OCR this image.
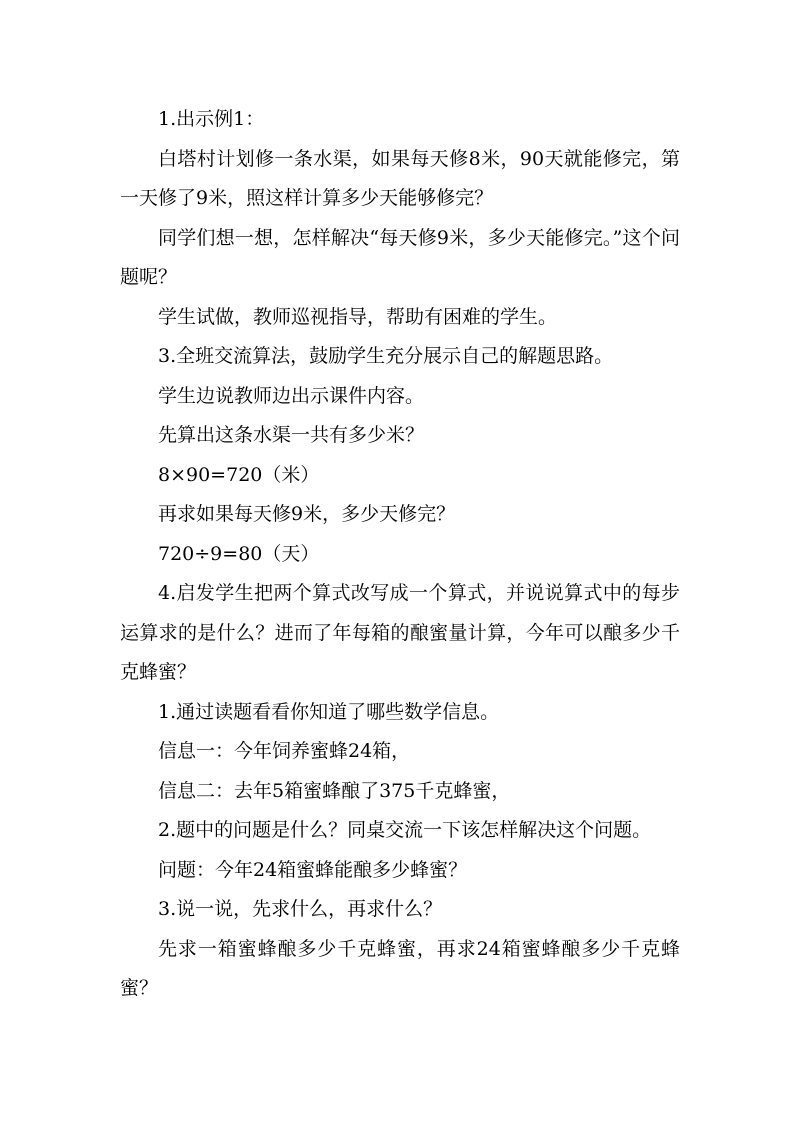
1.出示例1：

白塔村计划修一条水渠，如果每天修8米，90天就能修完，第一天修了9米，照这样计算多少天能够修完？

同学们想一想，怎样解决“每天修9米，多少天能修完。”这个问题呢？

学生试做，教师巡视指导，帮助有困难的学生。

3.全班交流算法，鼓励学生充分展示自己的解题思路。

学生边说教师边出示课件内容。

先算出这条水渠一共有多少米？

8×90=720（米）

再求如果每天修9米，多少天修完？

720÷9=80（天）

4.启发学生把两个算式改写成一个算式，并说说算式中的每步运算求的是什么？进而了年每箱的酿蜜量计算，今年可以酿多少千克蜂蜜？

1.通过读题看看你知道了哪些数学信息。

信息一：今年饲养蜜蜂24箱，

信息二：去年5箱蜜蜂酿了375千克蜂蜜，

2.题中的问题是什么？同桌交流一下该怎样解决这个问题。

问题：今年24箱蜜蜂能酿多少蜂蜜？

3.说一说，先求什么，再求什么？

先求一箱蜜蜂酿多少千克蜂蜜，再求24箱蜜蜂酿多少千克蜂蜜？
